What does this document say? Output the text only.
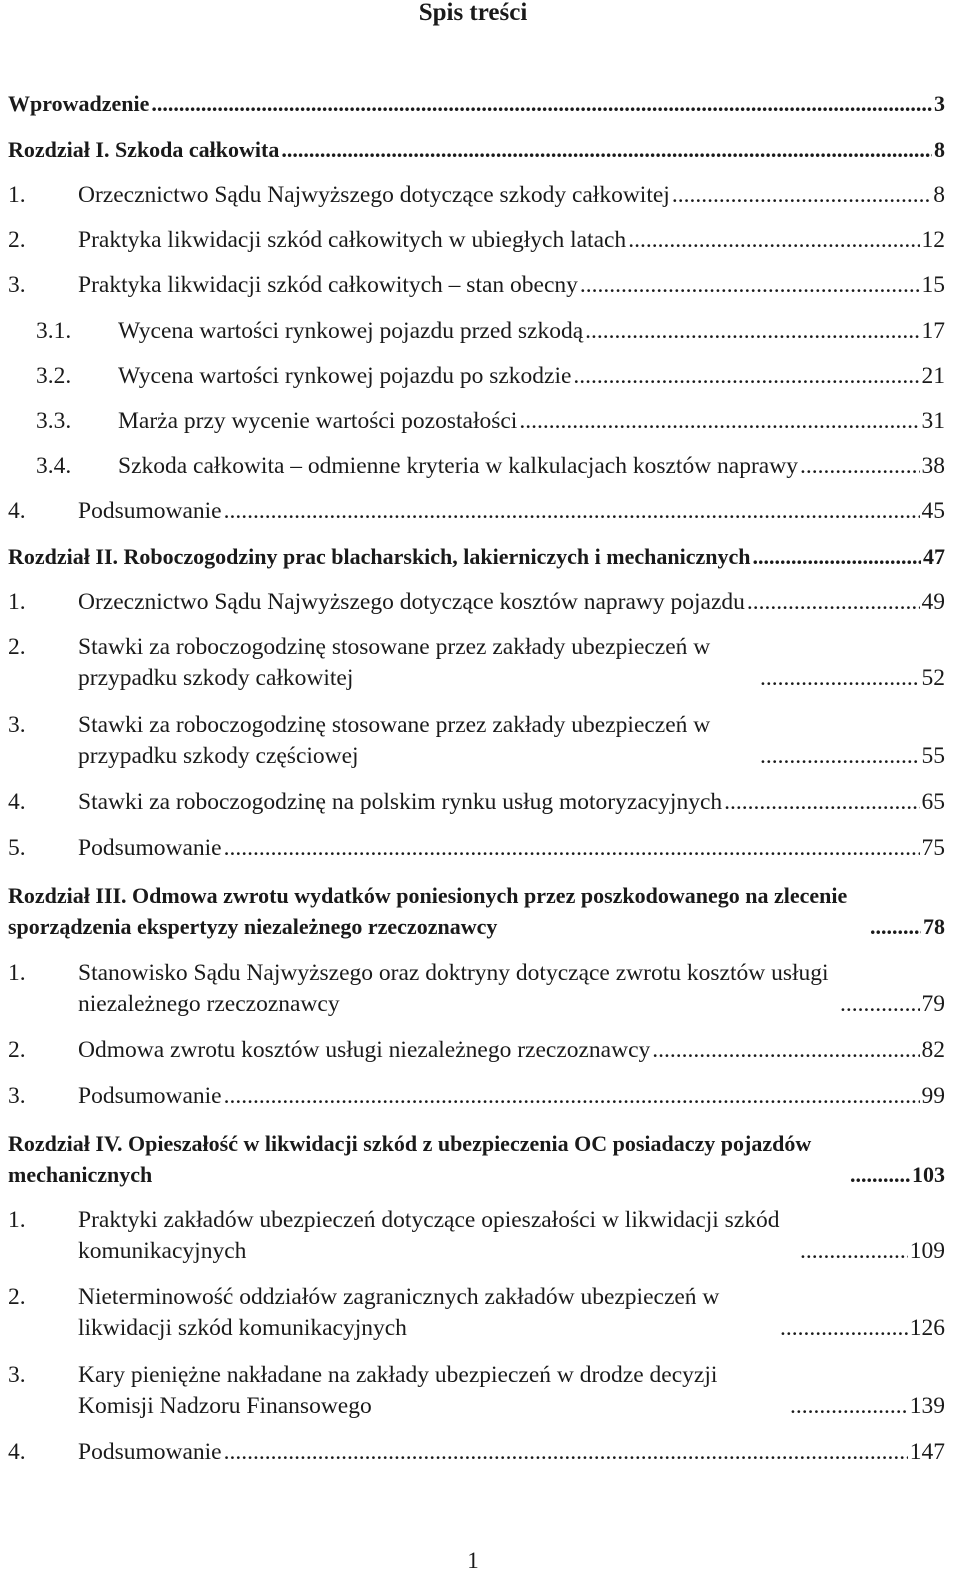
Spis treści
Wprowadzenie .....	3
Rozdział I. Szkoda całkowita .....	8
1.	Orzecznictwo Sądu Najwyższego dotyczące szkody całkowitej .....	8
2.	Praktyka likwidacji szkód całkowitych w ubiegłych latach .....	12
3.	Praktyka likwidacji szkód całkowitych – stan obecny .....	15
3.1.	Wycena wartości rynkowej pojazdu przed szkodą .....	17
3.2.	Wycena wartości rynkowej pojazdu po szkodzie .....	21
3.3.	Marża przy wycenie wartości pozostałości .....	31
3.4.	Szkoda całkowita – odmienne kryteria w kalkulacjach kosztów naprawy .....	38
4.	Podsumowanie .....	45
Rozdział II. Roboczogodziny prac blacharskich, lakierniczych i mechanicznych .....	47
1.	Orzecznictwo Sądu Najwyższego dotyczące kosztów naprawy pojazdu .....	49
2.	Stawki za roboczogodzinę stosowane przez zakłady ubezpieczeń w przypadku szkody całkowitej .....	52
3.	Stawki za roboczogodzinę stosowane przez zakłady ubezpieczeń w przypadku szkody częściowej .....	55
4.	Stawki za roboczogodzinę na polskim rynku usług motoryzacyjnych .....	65
5.	Podsumowanie .....	75
Rozdział III. Odmowa zwrotu wydatków poniesionych przez poszkodowanego na zlecenie sporządzenia ekspertyzy niezależnego rzeczoznawcy .....	78
1.	Stanowisko Sądu Najwyższego oraz doktryny dotyczące zwrotu kosztów usługi niezależnego rzeczoznawcy .....	79
2.	Odmowa zwrotu kosztów usługi niezależnego rzeczoznawcy .....	82
3.	Podsumowanie .....	99
Rozdział IV. Opieszałość w likwidacji szkód z ubezpieczenia OC posiadaczy pojazdów mechanicznych .....	103
1.	Praktyki zakładów ubezpieczeń dotyczące opieszałości w likwidacji szkód komunikacyjnych .....	109
2.	Nieterminowość oddziałów zagranicznych zakładów ubezpieczeń w likwidacji szkód komunikacyjnych .....	126
3.	Kary pieniężne nakładane na zakłady ubezpieczeń w drodze decyzji Komisji Nadzoru Finansowego .....	139
4.	Podsumowanie .....	147
1
